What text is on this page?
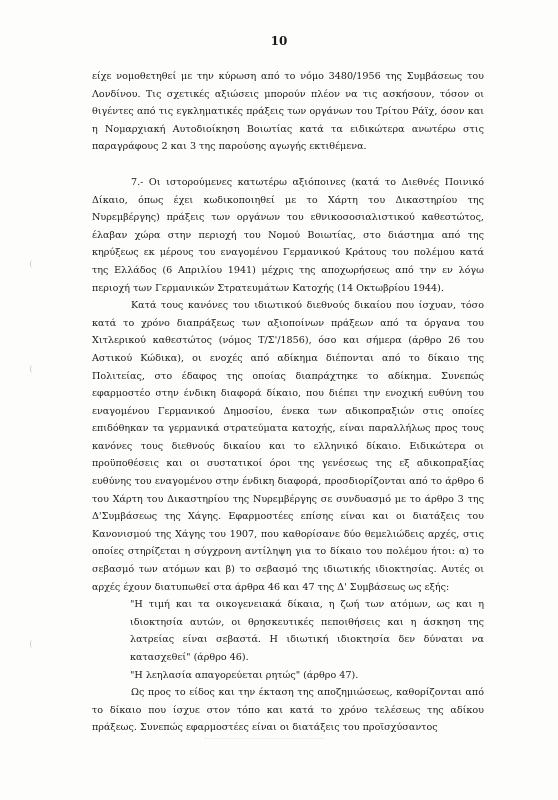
10

είχε νομοθετηθεί με την κύρωση από το νόμο 3480/1956 της Συμβάσεως του Λονδίνου. Τις σχετικές αξιώσεις μπορούν πλέον να τις ασκήσουν, τόσον οι θιγέντες από τις εγκληματικές πράξεις των οργάνων του Τρίτου Ράϊχ, όσον και η Νομαρχιακή Αυτοδιοίκηση Βοιωτίας κατά τα ειδικώτερα ανωτέρω στις παραγράφους 2 και 3 της παρούσης αγωγής εκτιθέμενα.

7.- Οι ιστορούμενες κατωτέρω αξιόποινες (κατά το Διεθνές Ποινικό Δίκαιο, όπως έχει κωδικοποιηθεί με το Χάρτη του Δικαστηρίου της Νυρεμβέργης) πράξεις των οργάνων του εθνικοσοσιαλιστικού καθεστώτος, έλαβαν χώρα στην περιοχή του Νομού Βοιωτίας, στο διάστημα από της κηρύξεως εκ μέρους του εναγομένου Γερμανικού Κράτους του πολέμου κατά της Ελλάδος (6 Απριλίου 1941) μέχρις της αποχωρήσεως από την εν λόγω περιοχή των Γερμανικών Στρατευμάτων Κατοχής (14 Οκτωβρίου 1944).

Κατά τους κανόνες του ιδιωτικού διεθνούς δικαίου που ίσχυαν, τόσο κατά το χρόνο διαπράξεως των αξιοποίνων πράξεων από τα όργανα του Χιτλερικού καθεστώτος (νόμος Τ/Σ'/1856), όσο και σήμερα (άρθρο 26 του Αστικού Κώδικα), οι ενοχές από αδίκημα διέπονται από το δίκαιο της Πολιτείας, στο έδαφος της οποίας διαπράχτηκε το αδίκημα. Συνεπώς εφαρμοστέο στην ένδικη διαφορά δίκαιο, που διέπει την ενοχική ευθύνη του εναγομένου Γερμανικού Δημοσίου, ένεκα των αδικοπραξιών στις οποίες επιδόθηκαν τα γερμανικά στρατεύματα κατοχής, είναι παραλλήλως προς τους κανόνες τους διεθνούς δικαίου και το ελληνικό δίκαιο. Ειδικώτερα οι προϋποθέσεις και οι συστατικοί όροι της γενέσεως της εξ αδικοπραξίας ευθύνης του εναγομένου στην ένδικη διαφορά, προσδιορίζονται από το άρθρο 6 του Χάρτη του Δικαστηρίου της Νυρεμβέργης σε συνδυασμό με το άρθρο 3 της Δ'Συμβάσεως της Χάγης. Εφαρμοστέες επίσης είναι και οι διατάξεις του Κανονισμού της Χάγης του 1907, που καθορίσανε δύο θεμελιώδεις αρχές, στις οποίες στηρίζεται η σύγχρονη αντίληψη για το δίκαιο του πολέμου ήτοι: α) το σεβασμό των ατόμων και β) το σεβασμό της ιδιωτικής ιδιοκτησίας. Αυτές οι αρχές έχουν διατυπωθεί στα άρθρα 46 και 47 της Δ' Συμβάσεως ως εξής:

"Η τιμή και τα οικογενειακά δίκαια, η ζωή των ατόμων, ως και η ιδιοκτησία αυτών, οι θρησκευτικές πεποιθήσεις και η άσκηση της λατρείας είναι σεβαστά. Η ιδιωτική ιδιοκτησία δεν δύναται να κατασχεθεί" (άρθρο 46).

"Η λεηλασία απαγορεύεται ρητώς" (άρθρο 47).

Ως προς το είδος και την έκταση της αποζημιώσεως, καθορίζονται από το δίκαιο που ίσχυε στον τόπο και κατά το χρόνο τελέσεως της αδίκου πράξεως. Συνεπώς εφαρμοστέες είναι οι διατάξεις του προϊσχύσαντος
